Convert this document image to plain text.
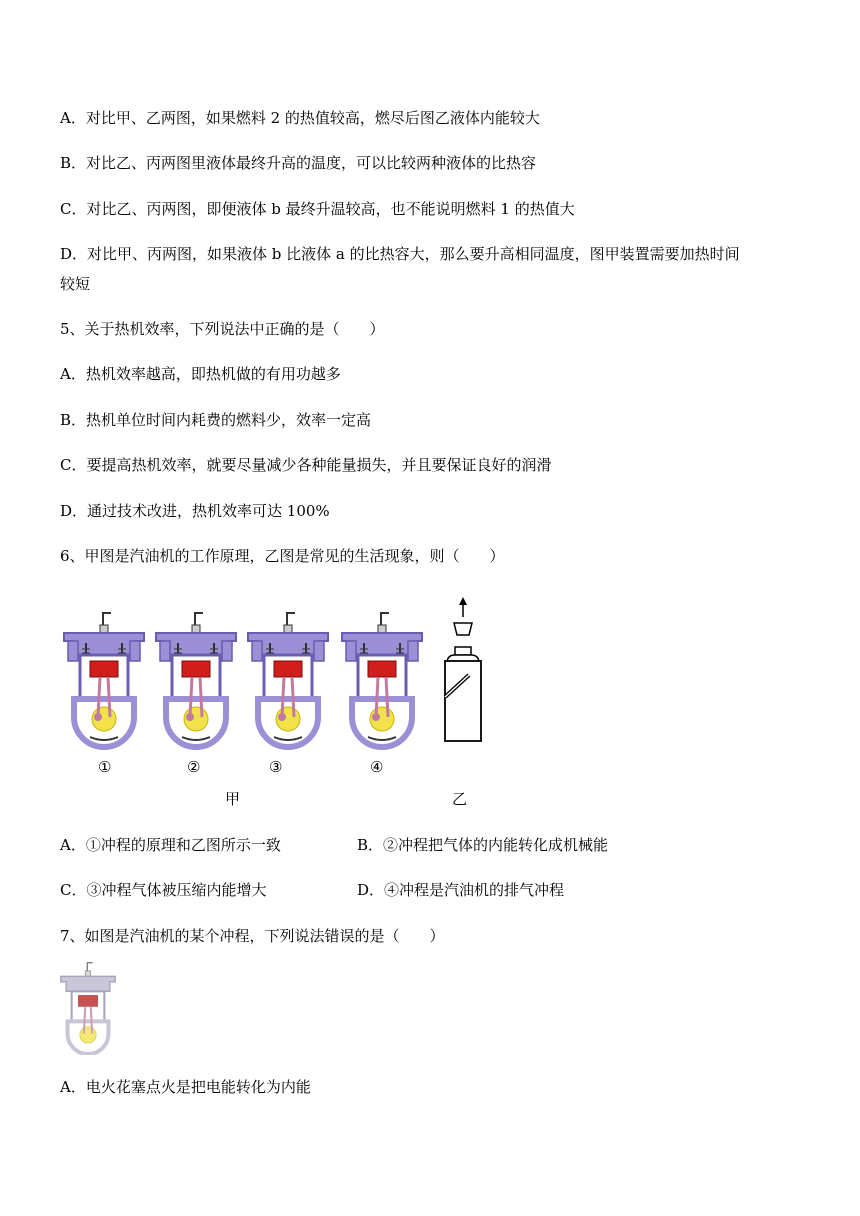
A．对比甲、乙两图，如果燃料 2 的热值较高，燃尽后图乙液体内能较大
B．对比乙、丙两图里液体最终升高的温度，可以比较两种液体的比热容
C．对比乙、丙两图，即便液体 b 最终升温较高，也不能说明燃料 1 的热值大
D．对比甲、丙两图，如果液体 b 比液体 a 的比热容大，那么要升高相同温度，图甲装置需要加热时间
较短
5、关于热机效率，下列说法中正确的是（　　）
A．热机效率越高，即热机做的有用功越多
B．热机单位时间内耗费的燃料少，效率一定高
C．要提高热机效率，就要尽量减少各种能量损失，并且要保证良好的润滑
D．通过技术改进，热机效率可达 100%
6、甲图是汽油机的工作原理，乙图是常见的生活现象，则（　　）
①	②	③	④
甲	乙
A．①冲程的原理和乙图所示一致	B．②冲程把气体的内能转化成机械能
C．③冲程气体被压缩内能增大	D．④冲程是汽油机的排气冲程
7、如图是汽油机的某个冲程，下列说法错误的是（　　）
A．电火花塞点火是把电能转化为内能
